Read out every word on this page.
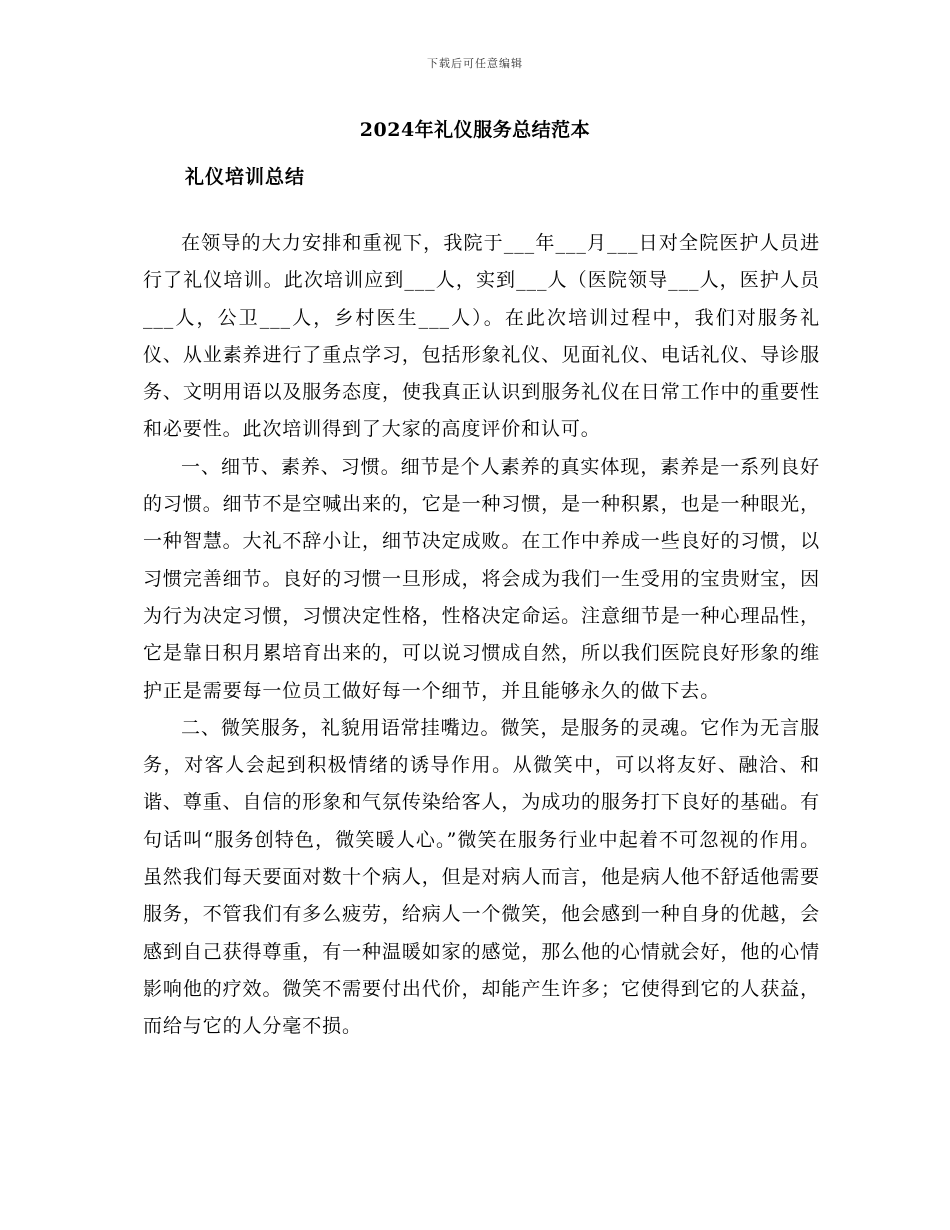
下载后可任意编辑
2024年礼仪服务总结范本
礼仪培训总结

在领导的大力安排和重视下，我院于___年___月___日对全院医护人员进行了礼仪培训。此次培训应到___人，实到___人（医院领导___人，医护人员___人，公卫___人，乡村医生___人）。在此次培训过程中，我们对服务礼仪、从业素养进行了重点学习，包括形象礼仪、见面礼仪、电话礼仪、导诊服务、文明用语以及服务态度，使我真正认识到服务礼仪在日常工作中的重要性和必要性。此次培训得到了大家的高度评价和认可。

一、细节、素养、习惯。细节是个人素养的真实体现，素养是一系列良好的习惯。细节不是空喊出来的，它是一种习惯，是一种积累，也是一种眼光，一种智慧。大礼不辞小让，细节决定成败。在工作中养成一些良好的习惯，以习惯完善细节。良好的习惯一旦形成，将会成为我们一生受用的宝贵财宝，因为行为决定习惯，习惯决定性格，性格决定命运。注意细节是一种心理品性，它是靠日积月累培育出来的，可以说习惯成自然，所以我们医院良好形象的维护正是需要每一位员工做好每一个细节，并且能够永久的做下去。

二、微笑服务，礼貌用语常挂嘴边。微笑，是服务的灵魂。它作为无言服务，对客人会起到积极情绪的诱导作用。从微笑中，可以将友好、融洽、和谐、尊重、自信的形象和气氛传染给客人，为成功的服务打下良好的基础。有句话叫“服务创特色，微笑暖人心。”微笑在服务行业中起着不可忽视的作用。虽然我们每天要面对数十个病人，但是对病人而言，他是病人他不舒适他需要服务，不管我们有多么疲劳，给病人一个微笑，他会感到一种自身的优越，会感到自己获得尊重，有一种温暖如家的感觉，那么他的心情就会好，他的心情影响他的疗效。微笑不需要付出代价，却能产生许多；它使得到它的人获益，而给与它的人分毫不损。
